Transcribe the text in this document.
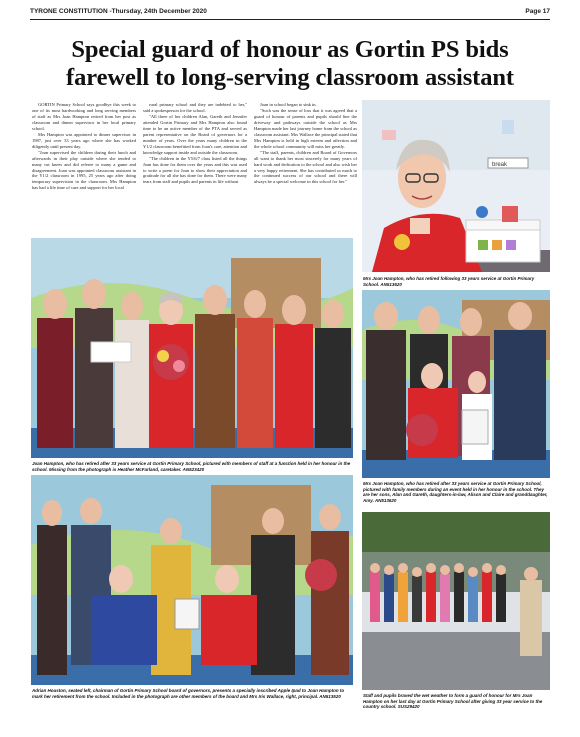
TYRONE CONSTITUTION -Thursday, 24th December 2020	Page 17
Special guard of honour as Gortin PS bids
farewell to long-serving classroom assistant

GORTIN Primary School says goodbye this week to one of its most hardworking and long serving members of staff as Mrs Joan Hampton retired from her post as classroom and dinner supervisor in her local primary school.

Mrs Hampton was appointed to dinner supervisor in 1987, just over 33 years ago where she has worked diligently until present day.

"Joan supervised the children during their lunch and afterwards in their play outside where she tended to many cut knees and did referee to many a game and disagreement. Joan was appointed classroom assistant in the Y1/2 classroom in 1995, 25 years ago after doing temporary supervision in the classroom. Mrs Hampton has had a life time of care and support for her local

rural primary school and they are indebted to her," said a spokesperson for the school.

"All three of her children Alan, Gareth and Jennifer attended Gortin Primary and Mrs Hampton also found time to be an active member of the PTA and served as parent representative on the Board of governors for a number of years. Over the years many children in the Y1/2 classroom benefitted from Joan's care, attention and knowledge support inside and outside the classroom.

"The children in the Y5/6/7 class listed all the things Joan has done for them over the years and this was used to write a poem for Joan to show their appreciation and gratitude for all she has done for them. There were many tears from staff and pupils and parents in life without

Joan in school began to sink in.

"Such was the sense of loss that it was agreed that a guard of honour of parents and pupils should line the driveway and pathways outside the school as Mrs Hampton made her last journey home from the school as classroom assistant. Mrs Wallace the principal stated that Mrs Hampton is held in high esteem and affection and the whole school community will miss her greatly.

"The staff, parents, children and Board of Governors all want to thank her most sincerely for many years of hard work and dedication to the school and also wish her a very happy retirement. She has contributed so much to the continued success of our school and there will always be a special welcome in this school for her."

break
Mrs Joan Hampton, who has retired following 33 years service at Gortin Primary School. AN513620
Joan Hampton, who has retired after 33 years service at Gortin Primary School, pictured with members of staff at a function held in her honour in the school. Missing from the photograph is Heather McFarland, caretaker. AN523420
Mrs Joan Hampton, who has retired after 33 years service at Gortin Primary School, pictured with family members during an event held in her honour in the school. They are her sons, Alan and Gareth, daughters-in-law, Alison and Claire and granddaughter, Amy. AN513620
Adrian Houston, seated left, chairman of Gortin Primary School board of governors, presents a specially inscribed Apple Ipad to Joan Hampton to mark her retirement from the school. Included in the photograph are other members of the board and Mrs Iris Wallace, right, principal. AN513520	Staff and pupils braved the wet weather to form a guard of honour for Mrs Joan Hampton on her last day at Gortin Primary School after giving 33 year service to the country school. SUS29420
